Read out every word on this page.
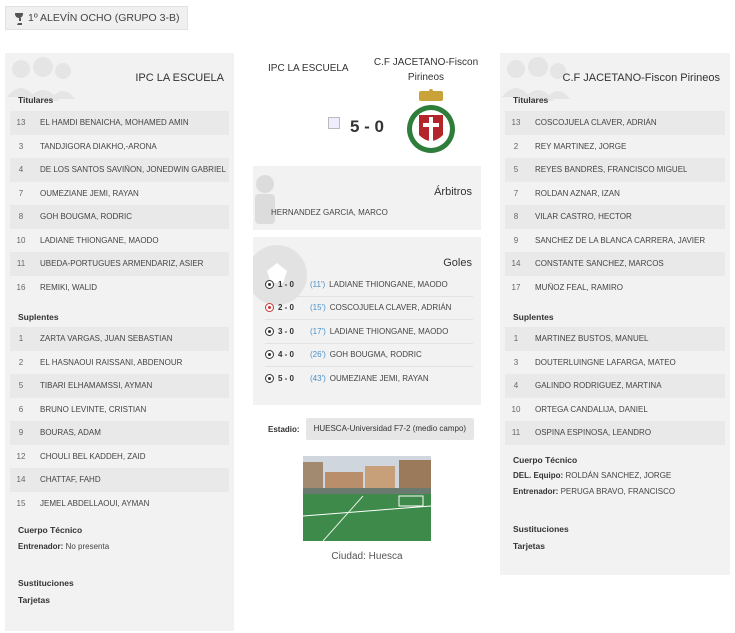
1º ALEVÍN OCHO (GRUPO 3-B)
IPC LA ESCUELA
Titulares
13	EL HAMDI BENAICHA, MOHAMED AMIN
3	TANDJIGORA DIAKHO,-ARONA
4	DE LOS SANTOS SAVIÑON, JONEDWIN GABRIEL
7	OUMEZIANE JEMI, RAYAN
8	GOH BOUGMA, RODRIC
10	LADIANE THIONGANE, MAODO
11	UBEDA-PORTUGUES ARMENDARIZ, ASIER
16	REMIKI, WALID
Suplentes
1	ZARTA VARGAS, JUAN SEBASTIAN
2	EL HASNAOUI RAISSANI, ABDENOUR
5	TIBARI ELHAMAMSSI, AYMAN
6	BRUNO LEVINTE, CRISTIAN
9	BOURAS, ADAM
12	CHOULI BEL KADDEH, ZAID
14	CHATTAF, FAHD
15	JEMEL ABDELLAOUI, AYMAN
Cuerpo Técnico
Entrenador: No presenta
Sustituciones
Tarjetas
IPC LA ESCUELA
C.F JACETANO-Fiscon Pirineos
5 - 0
Árbitros
HERNANDEZ GARCIA, MARCO
Goles
1 - 0	(11') LADIANE THIONGANE, MAODO
2 - 0	(15') COSCOJUELA CLAVER, ADRIÁN
3 - 0	(17') LADIANE THIONGANE, MAODO
4 - 0	(26') GOH BOUGMA, RODRIC
5 - 0	(43') OUMEZIANE JEMI, RAYAN
Estadio:	HUESCA-Universidad F7-2 (medio campo)
Ciudad: Huesca
C.F JACETANO-Fiscon Pirineos
Titulares
13	COSCOJUELA CLAVER, ADRIÁN
2	REY MARTINEZ, JORGE
5	REYES BANDRÉS, FRANCISCO MIGUEL
7	ROLDAN AZNAR, IZAN
8	VILAR CASTRO, HECTOR
9	SANCHEZ DE LA BLANCA CARRERA, JAVIER
14	CONSTANTE SANCHEZ, MARCOS
17	MUÑOZ FEAL, RAMIRO
Suplentes
1	MARTINEZ BUSTOS, MANUEL
3	DOUTERLUINGNE LAFARGA, MATEO
4	GALINDO RODRIGUEZ, MARTINA
10	ORTEGA CANDALIJA, DANIEL
11	OSPINA ESPINOSA, LEANDRO
Cuerpo Técnico
DEL. Equipo: ROLDÁN SANCHEZ, JORGE
Entrenador: PERUGA BRAVO, FRANCISCO
Sustituciones
Tarjetas
